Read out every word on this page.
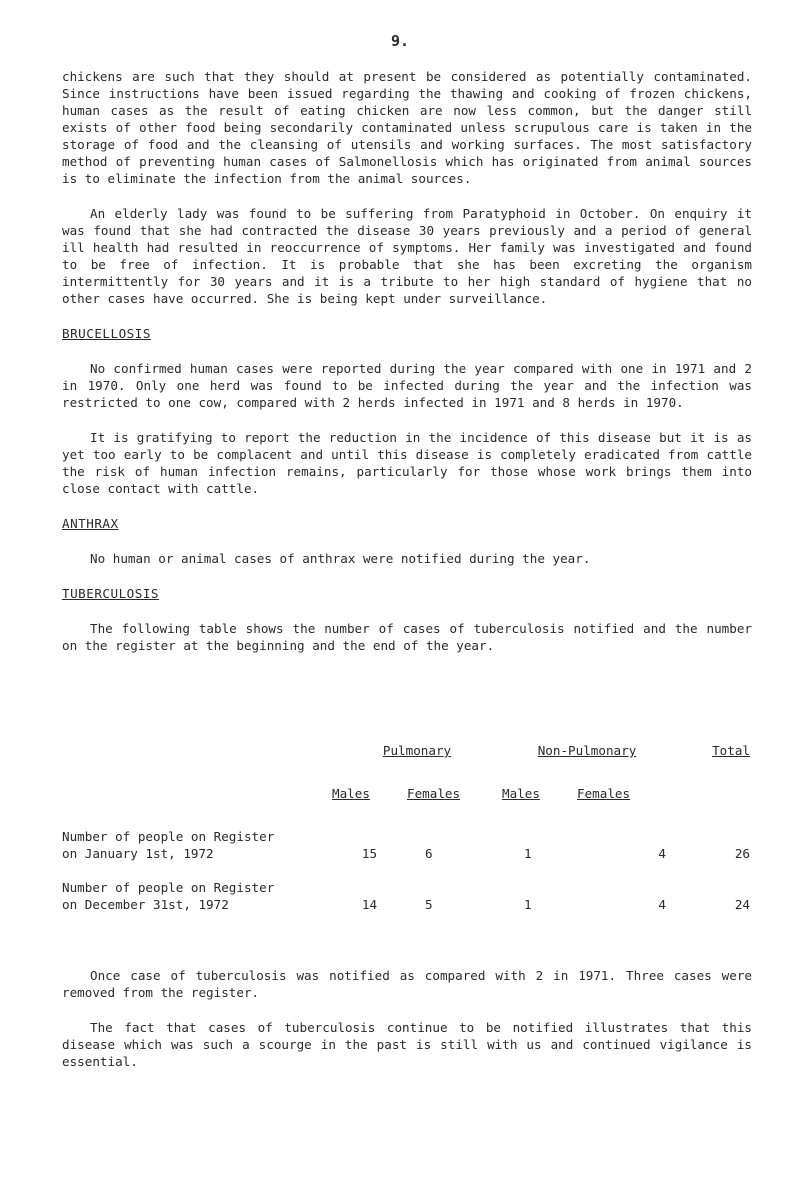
9.

chickens are such that they should at present be considered as potentially contaminated. Since instructions have been issued regarding the thawing and cooking of frozen chickens, human cases as the result of eating chicken are now less common, but the danger still exists of other food being secondarily contaminated unless scrupulous care is taken in the storage of food and the cleansing of utensils and working surfaces. The most satisfactory method of preventing human cases of Salmonellosis which has originated from animal sources is to eliminate the infection from the animal sources.

An elderly lady was found to be suffering from Paratyphoid in October. On enquiry it was found that she had contracted the disease 30 years previously and a period of general ill health had resulted in reoccurrence of symptoms. Her family was investigated and found to be free of infection. It is probable that she has been excreting the organism intermittently for 30 years and it is a tribute to her high standard of hygiene that no other cases have occurred. She is being kept under surveillance.

BRUCELLOSIS

No confirmed human cases were reported during the year compared with one in 1971 and 2 in 1970. Only one herd was found to be infected during the year and the infection was restricted to one cow, compared with 2 herds infected in 1971 and 8 herds in 1970.

It is gratifying to report the reduction in the incidence of this disease but it is as yet too early to be complacent and until this disease is completely eradicated from cattle the risk of human infection remains, particularly for those whose work brings them into close contact with cattle.

ANTHRAX

No human or animal cases of anthrax were notified during the year.

TUBERCULOSIS

The following table shows the number of cases of tuberculosis notified and the number on the register at the beginning and the end of the year.

	Pulmonary		Non-Pulmonary		Total

	Males	Females	Males	Females	

Number of people on Register					
on January 1st, 1972	15	6	1	4	26

Number of people on Register					
on December 31st, 1972	14	5	1	4	24

Once case of tuberculosis was notified as compared with 2 in 1971. Three cases were removed from the register.

The fact that cases of tuberculosis continue to be notified illustrates that this disease which was such a scourge in the past is still with us and continued vigilance is essential.
